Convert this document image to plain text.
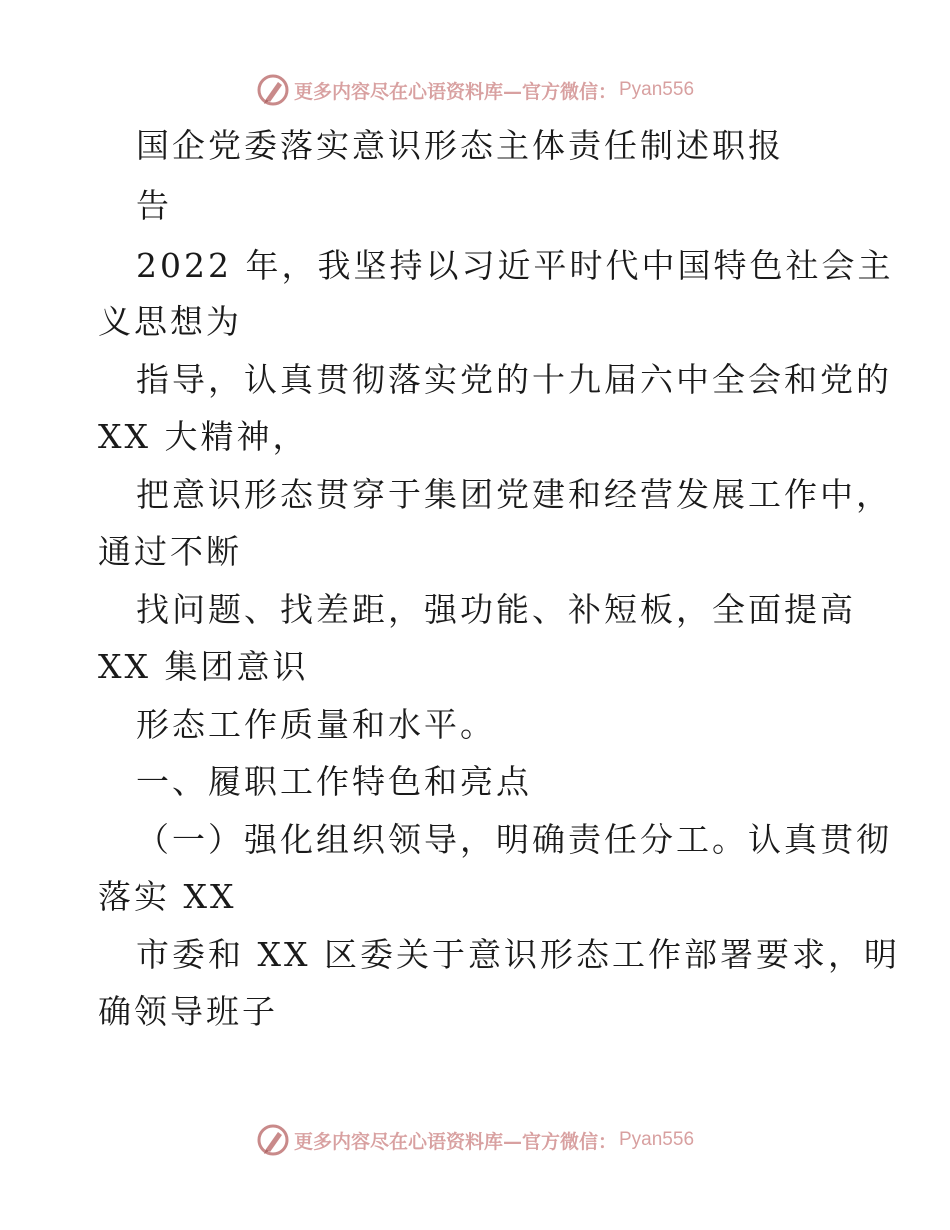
更多内容尽在心语资料库—官方微信： Pyan556

国企党委落实意识形态主体责任制述职报

告

2022 年，我坚持以习近平时代中国特色社会主

义思想为

指导，认真贯彻落实党的十九届六中全会和党的

XX 大精神，

把意识形态贯穿于集团党建和经营发展工作中，

通过不断

找问题、找差距，强功能、补短板，全面提高

XX 集团意识

形态工作质量和水平。

一、履职工作特色和亮点

（一）强化组织领导，明确责任分工。认真贯彻

落实 XX

市委和 XX 区委关于意识形态工作部署要求，明

确领导班子

更多内容尽在心语资料库—官方微信： Pyan556
